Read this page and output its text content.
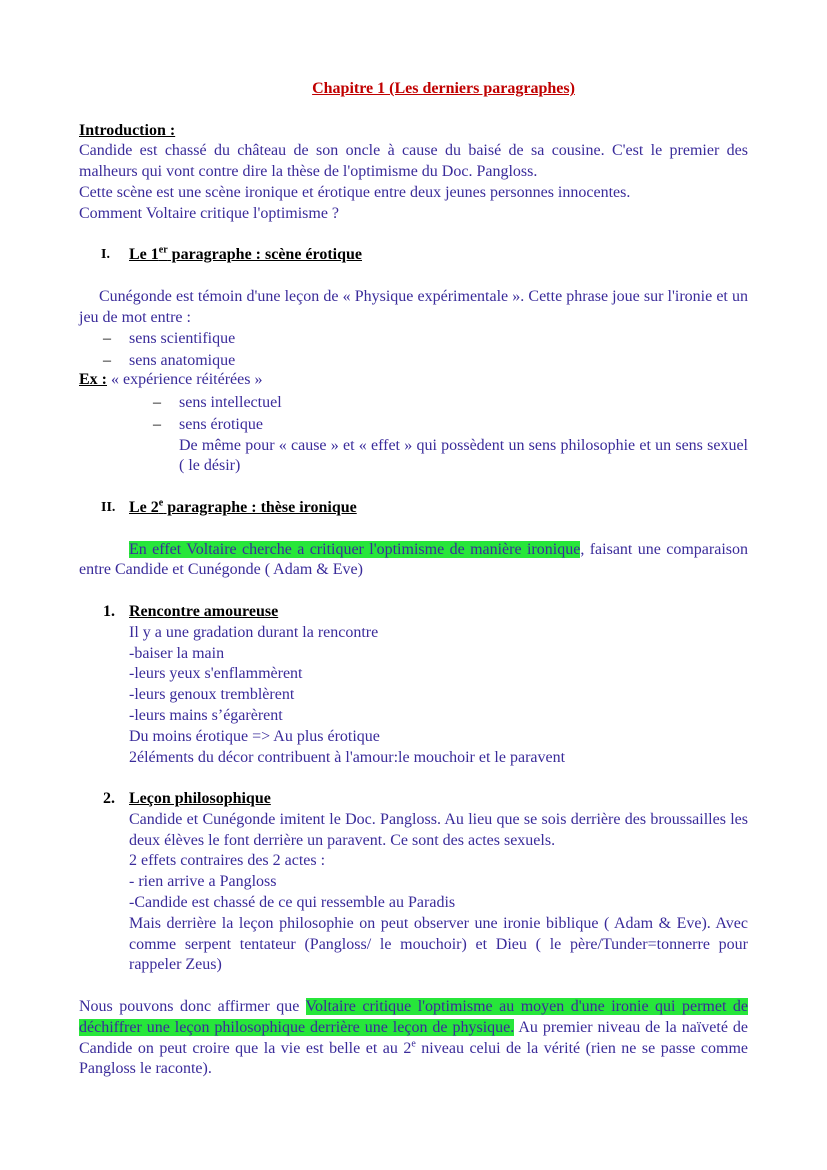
Chapitre 1 (Les derniers paragraphes)
Introduction :
Candide est chassé du château de son oncle à cause du baisé de sa cousine. C'est le premier des malheurs qui vont contre dire la thèse de l'optimisme du Doc. Pangloss.
Cette scène est une scène ironique et érotique entre deux jeunes personnes innocentes.
Comment Voltaire critique l'optimisme ?
I. Le 1er paragraphe : scène érotique
Cunégonde est témoin d'une leçon de « Physique expérimentale ». Cette phrase joue sur l'ironie et un jeu de mot entre :
– sens scientifique
– sens anatomique
Ex : « expérience réitérées »
– sens intellectuel
– sens érotique
De même pour « cause » et « effet » qui possèdent un sens philosophie et un sens sexuel ( le désir)
II. Le 2e paragraphe : thèse ironique
En effet Voltaire cherche a critiquer l'optimisme de manière ironique, faisant une comparaison entre Candide et Cunégonde ( Adam & Eve)
1. Rencontre amoureuse
Il y a une gradation durant la rencontre
-baiser la main
-leurs yeux s'enflammèrent
-leurs genoux tremblèrent
-leurs mains s’égarèrent
Du moins érotique => Au plus érotique
2éléments du décor contribuent à l'amour:le mouchoir et le paravent
2. Leçon philosophique
Candide et Cunégonde imitent le Doc. Pangloss. Au lieu que se sois derrière des broussailles les deux élèves le font derrière un paravent. Ce sont des actes sexuels.
2 effets contraires des 2 actes :
- rien arrive a Pangloss
-Candide est chassé de ce qui ressemble au Paradis
Mais derrière la leçon philosophie on peut observer une ironie biblique ( Adam & Eve). Avec comme serpent tentateur (Pangloss/ le mouchoir) et Dieu ( le père/Tunder=tonnerre pour rappeler Zeus)
Nous pouvons donc affirmer que Voltaire critique l'optimisme au moyen d'une ironie qui permet de déchiffrer une leçon philosophique derrière une leçon de physique. Au premier niveau de la naïveté de Candide on peut croire que la vie est belle et au 2e niveau celui de la vérité (rien ne se passe comme Pangloss le raconte).
